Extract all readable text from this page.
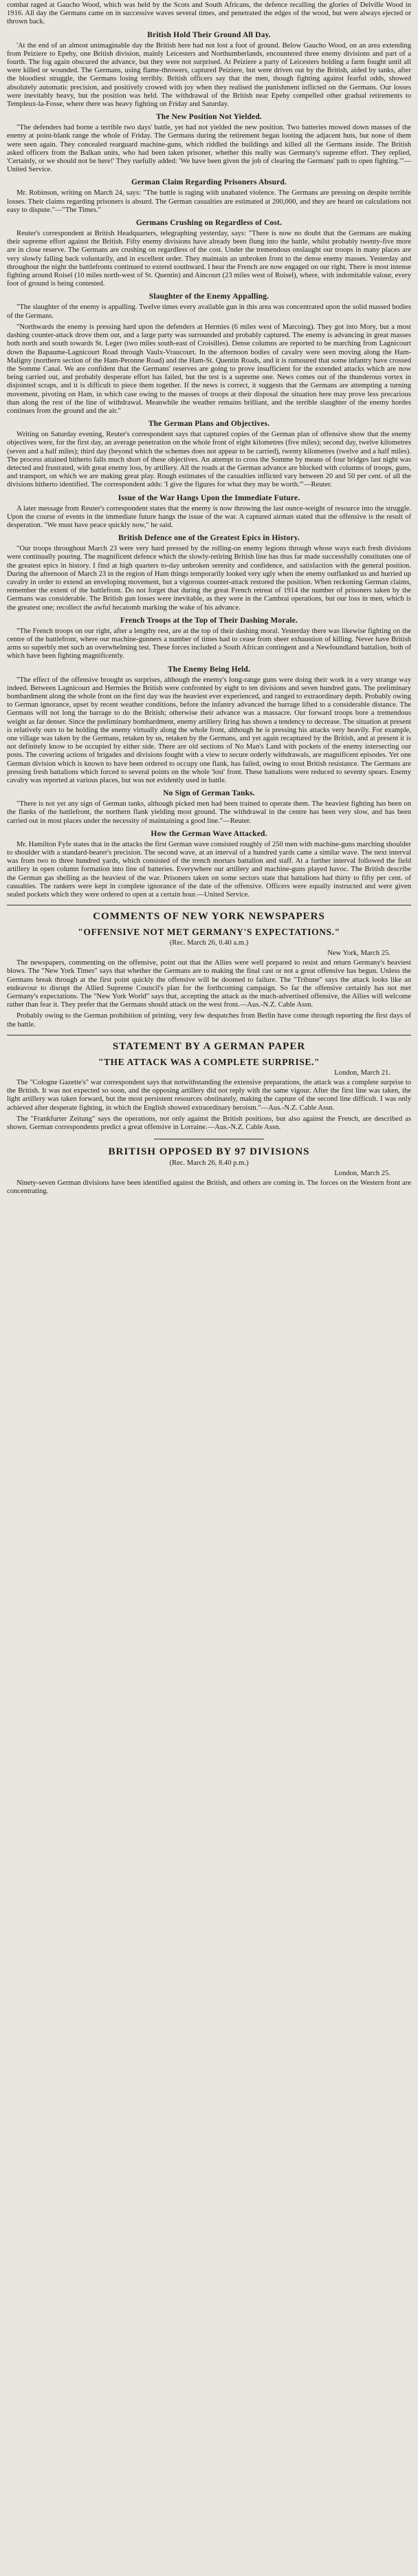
combat raged at Gaucho Wood, which was held by the Scots and South Africans, the defence recalling the glories of Delville Wood in 1916. All day the Germans came on in successive waves several times, and penetrated the edges of the wood, but were always ejected or thrown back.

British Hold Their Ground All Day.

'At the end of an almost unimaginable day the British here had not lost a foot of ground. Below Gaucho Wood, on an area extending from Peiziere to Epehy, one British division, mainly Leicesters and Northumberlands, encountered three enemy divisions and part of a fourth. The fog again obscured the advance, but they were not surprised. At Peiziere a party of Leicesters holding a farm fought until all were killed or wounded. The Germans, using flame-throwers, captured Peiziere, but were driven out by the British, aided by tanks, after the bloodiest struggle, the Germans losing terribly. British officers say that the men, though fighting against fearful odds, showed absolutely automatic precision, and positively crowed with joy when they realised the punishment inflicted on the Germans. Our losses were inevitably heavy, but the position was held. The withdrawal of the British near Epehy compelled other gradual retirements to Templeux-la-Fosse, where there was heavy fighting on Friday and Saturday.

The New Position Not Yielded.

"The defenders had borne a terrible two days' battle, yet had not yielded the new position. Two batteries mowed down masses of the enemy at point-blank range the whole of Friday. The Germans during the retirement began looting the adjacent huts, but none of them were seen again. They concealed rearguard machine-guns, which riddled the buildings and killed all the Germans inside. The British asked officers from the Balkan units, who had been taken prisoner, whether this really was Germany's supreme effort. They replied, 'Certainly, or we should not be here!' They ruefully added: 'We have been given the job of clearing the Germans' path to open fighting.'"—United Service.

German Claim Regarding Prisoners Absurd.

Mr. Robinson, writing on March 24, says: "The battle is raging with unabated violence. The Germans are pressing on despite terrible losses. Their claims regarding prisoners is absurd. The German casualties are estimated at 200,000, and they are heard on calculations not easy to dispute."—"The Times."

Germans Crushing on Regardless of Cost.

Reuter's correspondent at British Headquarters, telegraphing yesterday, says: "There is now no doubt that the Germans are making their supreme effort against the British. Fifty enemy divisions have already been flung into the battle, whilst probably twenty-five more are in close reserve. The Germans are crushing on regardless of the cost. Under the tremendous onslaught our troops in many places are very slowly falling back voluntarily, and in excellent order. They maintain an unbroken front to the dense enemy masses. Yesterday and throughout the night the battlefronts continued to extend southward. I hear the French are now engaged on our right. There is most intense fighting around Roisel (10 miles north-west of St. Quentin) and Aincourt (23 miles west of Roisel), where, with indomitable valour, every foot of ground is being contested.

Slaughter of the Enemy Appalling.

"The slaughter of the enemy is appalling. Twelve times every available gun in this area was concentrated upon the solid massed bodies of the Germans.

"Northwards the enemy is pressing hard upon the defenders at Hermies (6 miles west of Marcoing). They got into Mory, but a most dashing counter-attack drove them out, and a large party was surrounded and probably captured. The enemy is advancing in great masses both north and south towards St. Leger (two miles south-east of Croisilles). Dense columns are reported to be marching from Lagnicourt down the Bapaume-Lagnicourt Road through Vaulx-Vraucourt. In the afternoon bodies of cavalry were seen moving along the Ham-Maligny (northern section of the Ham-Peronne Road) and the Ham-St. Quentin Roads, and it is rumoured that some infantry have crossed the Somme Canal. We are confident that the Germans' reserves are going to prove insufficient for the extended attacks which are now being carried out, and probably desperate effort has failed, but the test is a supreme one. News comes out of the thunderous vortex in disjointed scraps, and it is difficult to piece them together. If the news is correct, it suggests that the Germans are attempting a turning movement, pivoting on Ham, in which case owing to the masses of troops at their disposal the situation here may prove less precarious than along the rest of the line of withdrawal. Meanwhile the weather remains brilliant, and the terrible slaughter of the enemy hordes continues from the ground and the air."

The German Plans and Objectives.

Writing on Saturday evening, Reuter's correspondent says that captured copies of the German plan of offensive show that the enemy objectives were, for the first day, an average penetration on the whole front of eight kilometres (five miles); second day, twelve kilometres (seven and a half miles); third day (beyond which the schemes does not appear to be carried), twenty kilometres (twelve and a half miles). The process attained hitherto falls much short of these objectives. An attempt to cross the Somme by means of four bridges last night was detected and frustrated, with great enemy loss, by artillery. All the roads at the German advance are blocked with columns of troops, guns, and transport, on which we are making great play. Rough estimates of the casualties inflicted vary between 20 and 50 per cent. of all the divisions hitherto identified. The correspondent adds: 'I give the figures for what they may be worth.'"—Reuter.

Issue of the War Hangs Upon the Immediate Future.

A later message from Reuter's correspondent states that the enemy is now throwing the last ounce-weight of resource into the struggle. Upon the course of events in the immediate future hangs the issue of the war. A captured airman stated that the offensive is the result of desperation. "We must have peace quickly now," he said.

British Defence one of the Greatest Epics in History.

"Our troops throughout March 23 were very hard pressed by the rolling-on enemy legions through whose ways each fresh divisions were continually pouring. The magnificent defence which the slowly-retiring British line has thus far made successfully constitutes one of the greatest epics in history. I find at high quarters to-day unbroken serenity and confidence, and satisfaction with the general position. During the afternoon of March 23 in the region of Ham things temporarily looked very ugly when the enemy outflanked us and hurried up cavalry in order to extend an enveloping movement, but a vigorous counter-attack restored the position. When reckoning German claims, remember the extent of the battlefront. Do not forget that during the great French retreat of 1914 the number of prisoners taken by the Germans was considerable. The British gun losses were inevitable, as they were in the Cambrai operations, but our loss in men, which is the greatest one; recollect the awful hecatomb marking the wake of his advance.

French Troops at the Top of Their Dashing Morale.

"The French troops on our right, after a lengthy rest, are at the top of their dashing moral. Yesterday there was likewise fighting on the centre of the battlefront, where our machine-gunners a number of times had to cease from sheer exhaustion of killing. Never have British arms so superbly met such an overwhelming test. These forces included a South African contingent and a Newfoundland battalion, both of which have been fighting magnificently.

The Enemy Being Held.

"The effect of the offensive brought us surprises, although the enemy's long-range guns were doing their work in a very strange way indeed. Between Lagnicourt and Hermies the British were confronted by eight to ten divisions and seven hundred guns. The preliminary bombardment along the whole front on the first day was the heaviest ever experienced, and ranged to extraordinary depth. Probably owing to German ignorance, upset by recent weather conditions, before the infantry advanced the barrage lifted to a considerable distance. The Germans will not long the barrage to do the British; otherwise their advance was a massacre. Our forward troops bore a tremendous weight as far denser. Since the preliminary bombardment, enemy artillery firing has shown a tendency to decrease. The situation at present is relatively ours to be holding the enemy virtually along the whole front, although he is pressing his attacks very heavily. For example, one village was taken by the Germans, retaken by us, retaken by the Germans, and yet again recaptured by the British, and at present it is not definitely know to be occupied by either side. There are old sections of No Man's Land with pockets of the enemy intersecting our posts. The covering actions of brigades and divisions fought with a view to secure orderly withdrawals, are magnificent episodes. Yet one German division which is known to have been ordered to occupy one flank, has failed, owing to stout British resistance. The Germans are pressing fresh battalions which forced to several points on the whole 'lost' front. These battalions were reduced to seventy spears. Enemy cavalry was reported at various places, but was not evidently used in battle.

No Sign of German Tanks.

"There is not yet any sign of German tanks, although picked men had been trained to operate them. The heaviest fighting has been on the flanks of the battlefront, the northern flank yielding most ground. The withdrawal in the centre has been very slow, and has been carried out in most places under the necessity of maintaining a good line."—Reuter.

How the German Wave Attacked.

Mr. Hamilton Fyfe states that in the attacks the first German wave consisted roughly of 250 men with machine-guns marching shoulder to shoulder with a standard-bearer's precision. The second wave, at an interval of a hundred yards came a similar wave. The next interval was from two to three hundred yards, which consisted of the trench mortars battalion and staff. At a further interval followed the field artillery in open column formation into line of batteries. Everywhere our artillery and machine-guns played havoc. The British describe the German gas shelling as the heaviest of the war. Prisoners taken on some sectors state that battalions had thirty to fifty per cent. of casualties. The rankers were kept in complete ignorance of the date of the offensive. Officers were equally instructed and were given sealed pockets which they were ordered to open at a certain hour.—United Service.

COMMENTS OF NEW YORK NEWSPAPERS
"OFFENSIVE NOT MET GERMANY'S EXPECTATIONS."
(Rec. March 26, 0.40 a.m.)
New York, March 25.

The newspapers, commenting on the offensive, point out that the Allies were well prepared to resist and return Germany's heaviest blows. The "New York Times" says that whether the Germans are to making the final cast or not a great offensive has begun. Unless the Germans break through at the first point quickly the offensive will be doomed to failure. The "Tribune" says the attack looks like an endeavour to disrupt the Allied Supreme Council's plan for the forthcoming campaign. So far the offensive certainly has not met Germany's expectations. The "New York World" says that, accepting the attack as the much-advertised offensive, the Allies will welcome rather than fear it. They prefer that the Germans should attack on the west front.—Aus.-N.Z. Cable Assn.

Probably owing to the German prohibition of printing, very few despatches from Berlin have come through reporting the first days of the battle.

STATEMENT BY A GERMAN PAPER
"THE ATTACK WAS A COMPLETE SURPRISE."
London, March 21.

The "Cologne Gazette's" war correspondent says that notwithstanding the extensive preparations, the attack was a complete surprise to the British. It was not expected so soon, and the opposing artillery did not reply with the same vigour. After the first line was taken, the light artillery was taken forward, but the most persistent resources obstinately, making the capture of the second line difficult. I was only achieved after desperate fighting, in which the English showed extraordinary heroism."—Aus.-N.Z. Cable Assn.

The "Frankfurter Zeitung" says the operations, not only against the British positions, but also against the French, are described as shown. German correspondents predict a great offensive in Lorraine.—Aus.-N.Z. Cable Assn.

BRITISH OPPOSED BY 97 DIVISIONS
(Rec. March 26, 8.40 p.m.)
London, March 25.

Ninety-seven German divisions have been identified against the British, and others are coming in. The forces on the Western front are concentrating.
